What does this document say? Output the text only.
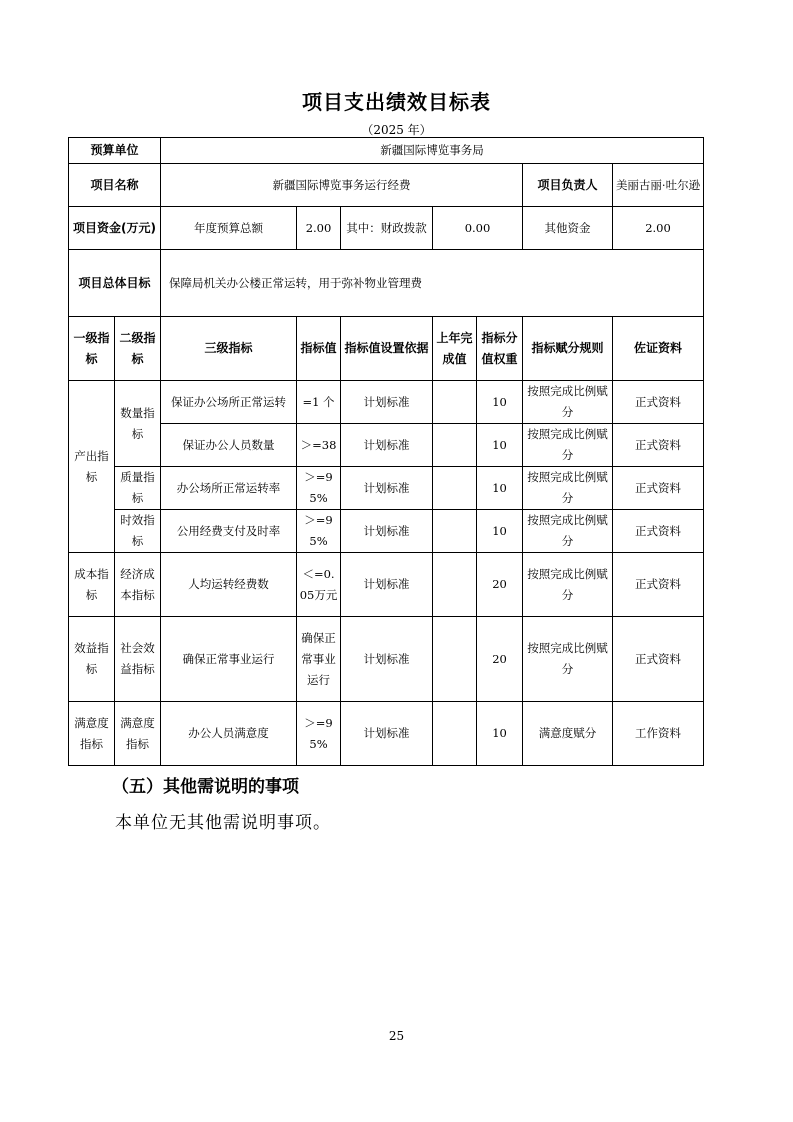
项目支出绩效目标表
（2025 年）
预算单位		新疆国际博览事务局						
项目名称		新疆国际博览事务运行经费					项目负责人	美丽古丽·吐尔逊
项目资金(万元)		年度预算总额	2.00	其中：财政拨款	0.00		其他资金	2.00
项目总体目标		保障局机关办公楼正常运转，用于弥补物业管理费						
一级指标	二级指标	三级指标	指标值	指标值设置依据	上年完成值	指标分值权重	指标赋分规则	佐证资料
产出指标	数量指标	保证办公场所正常运转	=1 个	计划标准		10	按照完成比例赋分	正式资料
		保证办公人员数量	＞=38	计划标准		10	按照完成比例赋分	正式资料
	质量指标	办公场所正常运转率	＞=95%	计划标准		10	按照完成比例赋分	正式资料
	时效指标	公用经费支付及时率	＞=95%	计划标准		10	按照完成比例赋分	正式资料
成本指标	经济成本指标	人均运转经费数	＜=0.05万元	计划标准		20	按照完成比例赋分	正式资料
效益指标	社会效益指标	确保正常事业运行	确保正常事业运行	计划标准		20	按照完成比例赋分	正式资料
满意度指标	满意度指标	办公人员满意度	＞=95%	计划标准		10	满意度赋分	工作资料
（五）其他需说明的事项
本单位无其他需说明事项。
25
